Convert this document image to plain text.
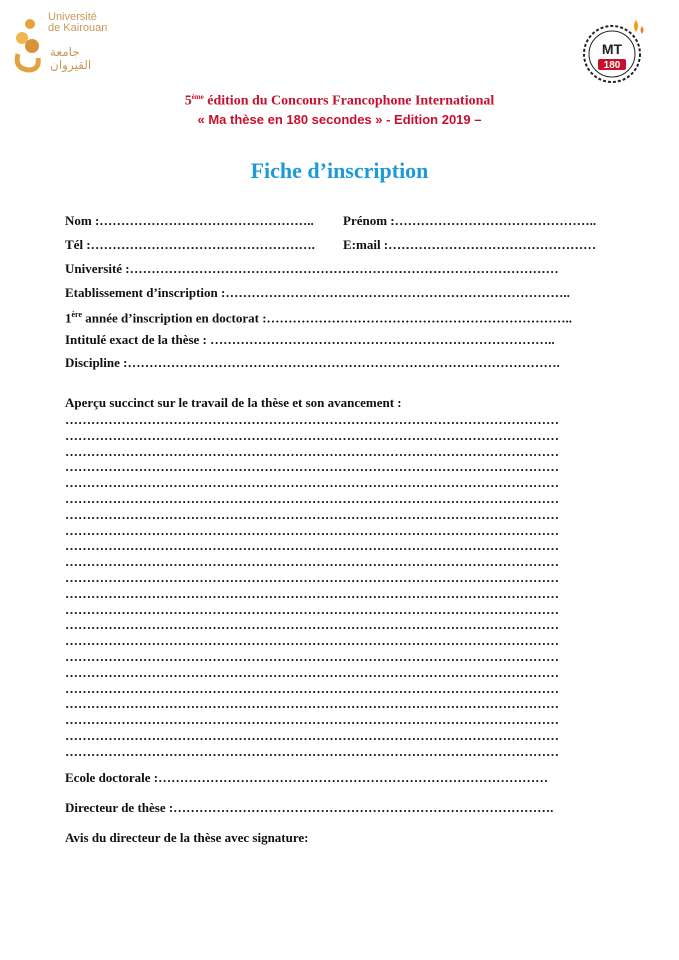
Université de Kairouan
جامعة القيروان
MT
180
5ème édition du Concours Francophone International
« Ma thèse en 180 secondes » - Edition 2019 –
Fiche d’inscription
Nom :………………………………………….. Prénom :………………………………………..
Tél :……………………………………………. E:mail :…………………………………………
Université :………………………………………………………………………………………
Etablissement d’inscription :……………………………………………………………………..
1ère année d’inscription en doctorat :……………………………………………………………..
Intitulé exact de la thèse : ……………………………………………………………………..
Discipline :……………………………………………………………………………………….
Aperçu succinct sur le travail de la thèse et son avancement :
……………………………………………………………………………………………………
……………………………………………………………………………………………………
……………………………………………………………………………………………………
……………………………………………………………………………………………………
……………………………………………………………………………………………………
……………………………………………………………………………………………………
……………………………………………………………………………………………………
……………………………………………………………………………………………………
……………………………………………………………………………………………………
……………………………………………………………………………………………………
……………………………………………………………………………………………………
……………………………………………………………………………………………………
……………………………………………………………………………………………………
……………………………………………………………………………………………………
……………………………………………………………………………………………………
……………………………………………………………………………………………………
……………………………………………………………………………………………………
……………………………………………………………………………………………………
……………………………………………………………………………………………………
……………………………………………………………………………………………………
……………………………………………………………………………………………………
……………………………………………………………………………………………………
Ecole doctorale :………………………………………………………………………………
Directeur de thèse :…………………………………………………………………………….
Avis du directeur de la thèse avec signature:
